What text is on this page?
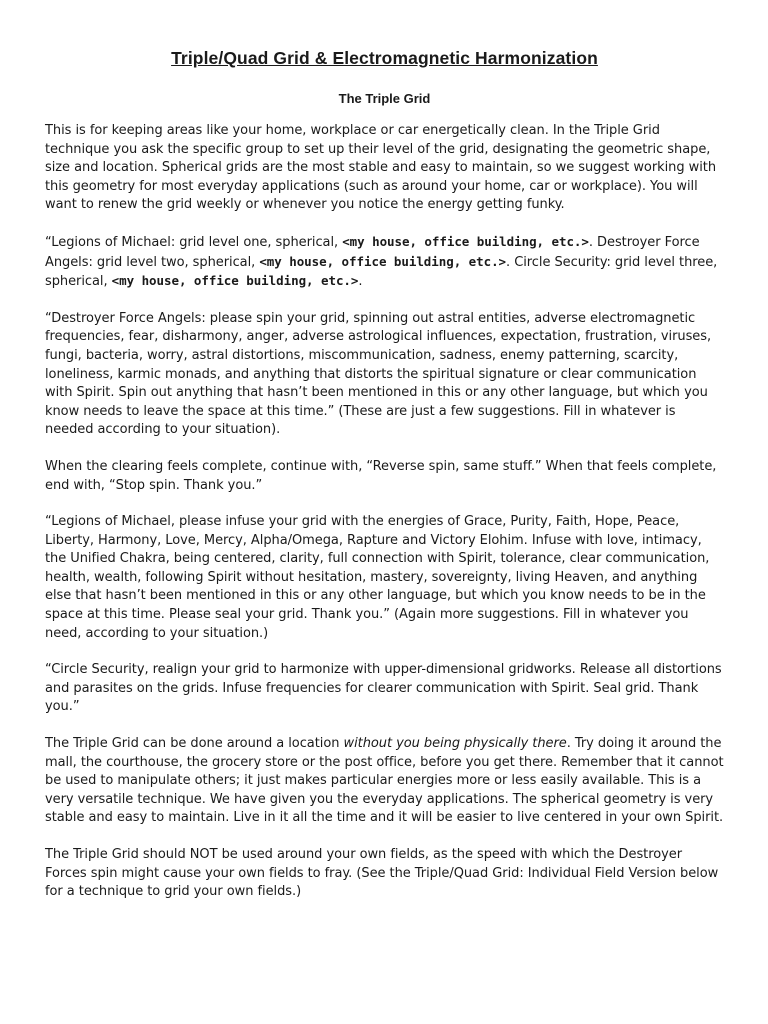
Triple/Quad Grid & Electromagnetic Harmonization
The Triple Grid

This is for keeping areas like your home, workplace or car energetically clean. In the Triple Grid technique you ask the specific group to set up their level of the grid, designating the geometric shape, size and location. Spherical grids are the most stable and easy to maintain, so we suggest working with this geometry for most everyday applications (such as around your home, car or workplace). You will want to renew the grid weekly or whenever you notice the energy getting funky.

“Legions of Michael: grid level one, spherical, <my house, office building, etc.>. Destroyer Force Angels: grid level two, spherical, <my house, office building, etc.>. Circle Security: grid level three, spherical, <my house, office building, etc.>.

“Destroyer Force Angels: please spin your grid, spinning out astral entities, adverse electromagnetic frequencies, fear, disharmony, anger, adverse astrological influences, expectation, frustration, viruses, fungi, bacteria, worry, astral distortions, miscommunication, sadness, enemy patterning, scarcity, loneliness, karmic monads, and anything that distorts the spiritual signature or clear communication with Spirit. Spin out anything that hasn’t been mentioned in this or any other language, but which you know needs to leave the space at this time.” (These are just a few suggestions. Fill in whatever is needed according to your situation).

When the clearing feels complete, continue with, “Reverse spin, same stuff.” When that feels complete, end with, “Stop spin. Thank you.”

“Legions of Michael, please infuse your grid with the energies of Grace, Purity, Faith, Hope, Peace, Liberty, Harmony, Love, Mercy, Alpha/Omega, Rapture and Victory Elohim. Infuse with love, intimacy, the Unified Chakra, being centered, clarity, full connection with Spirit, tolerance, clear communication, health, wealth, following Spirit without hesitation, mastery, sovereignty, living Heaven, and anything else that hasn’t been mentioned in this or any other language, but which you know needs to be in the space at this time. Please seal your grid. Thank you.” (Again more suggestions. Fill in whatever you need, according to your situation.)

“Circle Security, realign your grid to harmonize with upper-dimensional gridworks. Release all distortions and parasites on the grids. Infuse frequencies for clearer communication with Spirit. Seal grid. Thank you.”

The Triple Grid can be done around a location without you being physically there. Try doing it around the mall, the courthouse, the grocery store or the post office, before you get there. Remember that it cannot be used to manipulate others; it just makes particular energies more or less easily available. This is a very versatile technique. We have given you the everyday applications. The spherical geometry is very stable and easy to maintain. Live in it all the time and it will be easier to live centered in your own Spirit.

The Triple Grid should NOT be used around your own fields, as the speed with which the Destroyer Forces spin might cause your own fields to fray. (See the Triple/Quad Grid: Individual Field Version below for a technique to grid your own fields.)
